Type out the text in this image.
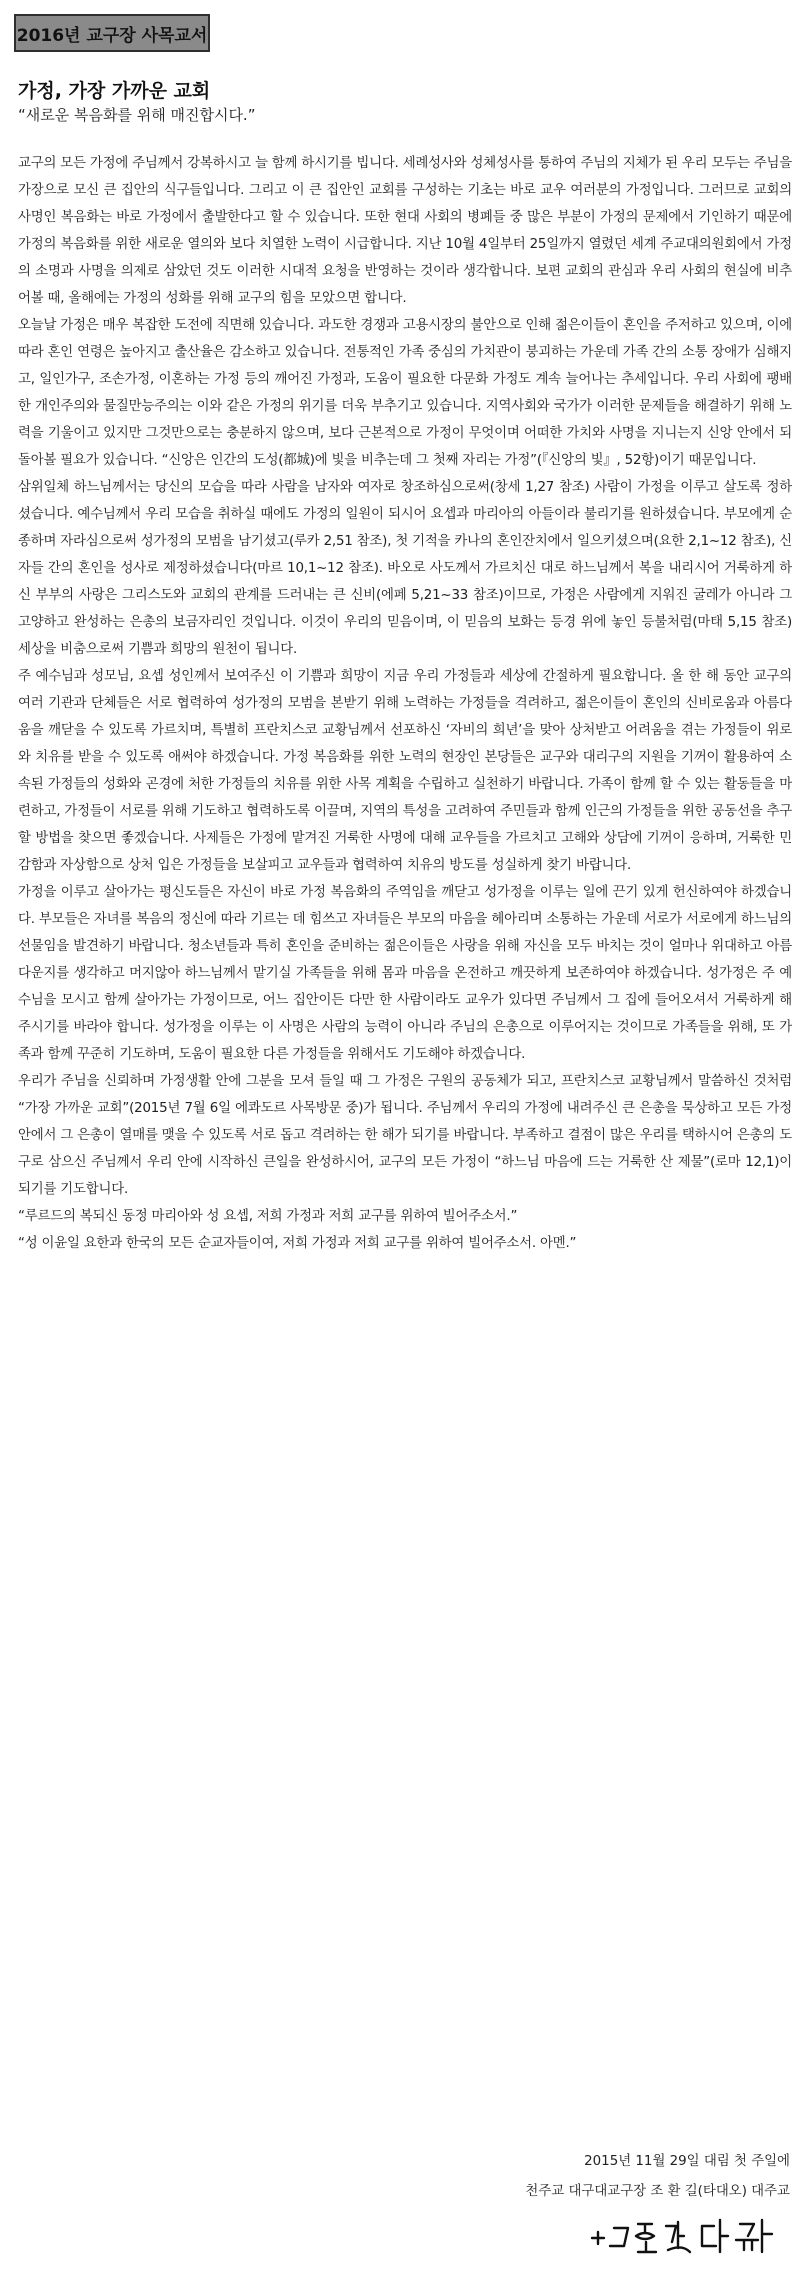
2016년 교구장 사목교서
가정, 가장 가까운 교회
“새로운 복음화를 위해 매진합시다.”

교구의 모든 가정에 주님께서 강복하시고 늘 함께 하시기를 빕니다. 세례성사와 성체성사를 통하여 주님의 지체가 된 우리 모두는 주님을 가장으로 모신 큰 집안의 식구들입니다. 그리고 이 큰 집안인 교회를 구성하는 기초는 바로 교우 여러분의 가정입니다. 그러므로 교회의 사명인 복음화는 바로 가정에서 출발한다고 할 수 있습니다. 또한 현대 사회의 병폐들 중 많은 부분이 가정의 문제에서 기인하기 때문에 가정의 복음화를 위한 새로운 열의와 보다 치열한 노력이 시급합니다. 지난 10월 4일부터 25일까지 열렸던 세계 주교대의원회에서 가정의 소명과 사명을 의제로 삼았던 것도 이러한 시대적 요청을 반영하는 것이라 생각합니다. 보편 교회의 관심과 우리 사회의 현실에 비추어볼 때, 올해에는 가정의 성화를 위해 교구의 힘을 모았으면 합니다.

오늘날 가정은 매우 복잡한 도전에 직면해 있습니다. 과도한 경쟁과 고용시장의 불안으로 인해 젊은이들이 혼인을 주저하고 있으며, 이에 따라 혼인 연령은 높아지고 출산율은 감소하고 있습니다. 전통적인 가족 중심의 가치관이 붕괴하는 가운데 가족 간의 소통 장애가 심해지고, 일인가구, 조손가정, 이혼하는 가정 등의 깨어진 가정과, 도움이 필요한 다문화 가정도 계속 늘어나는 추세입니다. 우리 사회에 팽배한 개인주의와 물질만능주의는 이와 같은 가정의 위기를 더욱 부추기고 있습니다. 지역사회와 국가가 이러한 문제들을 해결하기 위해 노력을 기울이고 있지만 그것만으로는 충분하지 않으며, 보다 근본적으로 가정이 무엇이며 어떠한 가치와 사명을 지니는지 신앙 안에서 되돌아볼 필요가 있습니다. “신앙은 인간의 도성(都城)에 빛을 비추는데 그 첫째 자리는 가정”(『신앙의 빛』, 52항)이기 때문입니다.

삼위일체 하느님께서는 당신의 모습을 따라 사람을 남자와 여자로 창조하심으로써(창세 1,27 참조) 사람이 가정을 이루고 살도록 정하셨습니다. 예수님께서 우리 모습을 취하실 때에도 가정의 일원이 되시어 요셉과 마리아의 아들이라 불리기를 원하셨습니다. 부모에게 순종하며 자라심으로써 성가정의 모범을 남기셨고(루카 2,51 참조), 첫 기적을 카나의 혼인잔치에서 일으키셨으며(요한 2,1~12 참조), 신자들 간의 혼인을 성사로 제정하셨습니다(마르 10,1~12 참조). 바오로 사도께서 가르치신 대로 하느님께서 복을 내리시어 거룩하게 하신 부부의 사랑은 그리스도와 교회의 관계를 드러내는 큰 신비(에페 5,21~33 참조)이므로, 가정은 사람에게 지워진 굴레가 아니라 그 고양하고 완성하는 은총의 보금자리인 것입니다. 이것이 우리의 믿음이며, 이 믿음의 보화는 등경 위에 놓인 등불처럼(마태 5,15 참조) 세상을 비춤으로써 기쁨과 희망의 원천이 됩니다.

주 예수님과 성모님, 요셉 성인께서 보여주신 이 기쁨과 희망이 지금 우리 가정들과 세상에 간절하게 필요합니다. 올 한 해 동안 교구의 여러 기관과 단체들은 서로 협력하여 성가정의 모범을 본받기 위해 노력하는 가정들을 격려하고, 젊은이들이 혼인의 신비로움과 아름다움을 깨닫을 수 있도록 가르치며, 특별히 프란치스코 교황님께서 선포하신 ‘자비의 희년’을 맞아 상처받고 어려움을 겪는 가정들이 위로와 치유를 받을 수 있도록 애써야 하겠습니다. 가정 복음화를 위한 노력의 현장인 본당들은 교구와 대리구의 지원을 기꺼이 활용하여 소속된 가정들의 성화와 곤경에 처한 가정들의 치유를 위한 사목 계획을 수립하고 실천하기 바랍니다. 가족이 함께 할 수 있는 활동들을 마련하고, 가정들이 서로를 위해 기도하고 협력하도록 이끌며, 지역의 특성을 고려하여 주민들과 함께 인근의 가정들을 위한 공동선을 추구할 방법을 찾으면 좋겠습니다. 사제들은 가정에 맡겨진 거룩한 사명에 대해 교우들을 가르치고 고해와 상담에 기꺼이 응하며, 거룩한 민감함과 자상함으로 상처 입은 가정들을 보살피고 교우들과 협력하여 치유의 방도를 성실하게 찾기 바랍니다.

가정을 이루고 살아가는 평신도들은 자신이 바로 가정 복음화의 주역임을 깨닫고 성가정을 이루는 일에 끈기 있게 헌신하여야 하겠습니다. 부모들은 자녀를 복음의 정신에 따라 기르는 데 힘쓰고 자녀들은 부모의 마음을 헤아리며 소통하는 가운데 서로가 서로에게 하느님의 선물임을 발견하기 바랍니다. 청소년들과 특히 혼인을 준비하는 젊은이들은 사랑을 위해 자신을 모두 바치는 것이 얼마나 위대하고 아름다운지를 생각하고 머지않아 하느님께서 맡기실 가족들을 위해 몸과 마음을 온전하고 깨끗하게 보존하여야 하겠습니다. 성가정은 주 예수님을 모시고 함께 살아가는 가정이므로, 어느 집안이든 다만 한 사람이라도 교우가 있다면 주님께서 그 집에 들어오셔서 거룩하게 해 주시기를 바라야 합니다. 성가정을 이루는 이 사명은 사람의 능력이 아니라 주님의 은총으로 이루어지는 것이므로 가족들을 위해, 또 가족과 함께 꾸준히 기도하며, 도움이 필요한 다른 가정들을 위해서도 기도해야 하겠습니다.

우리가 주님을 신뢰하며 가정생활 안에 그분을 모셔 들일 때 그 가정은 구원의 공동체가 되고, 프란치스코 교황님께서 말씀하신 것처럼 “가장 가까운 교회”(2015년 7월 6일 에콰도르 사목방문 중)가 됩니다. 주님께서 우리의 가정에 내려주신 큰 은총을 묵상하고 모든 가정 안에서 그 은총이 열매를 맺을 수 있도록 서로 돕고 격려하는 한 해가 되기를 바랍니다. 부족하고 결점이 많은 우리를 택하시어 은총의 도구로 삼으신 주님께서 우리 안에 시작하신 큰일을 완성하시어, 교구의 모든 가정이 “하느님 마음에 드는 거룩한 산 제물”(로마 12,1)이 되기를 기도합니다.

“루르드의 복되신 동정 마리아와 성 요셉, 저희 가정과 저희 교구를 위하여 빌어주소서.”

“성 이윤일 요한과 한국의 모든 순교자들이여, 저희 가정과 저희 교구를 위하여 빌어주소서. 아멘.”

2015년 11월 29일 대림 첫 주일에
천주교 대구대교구장 조 환 길(타대오) 대주교
